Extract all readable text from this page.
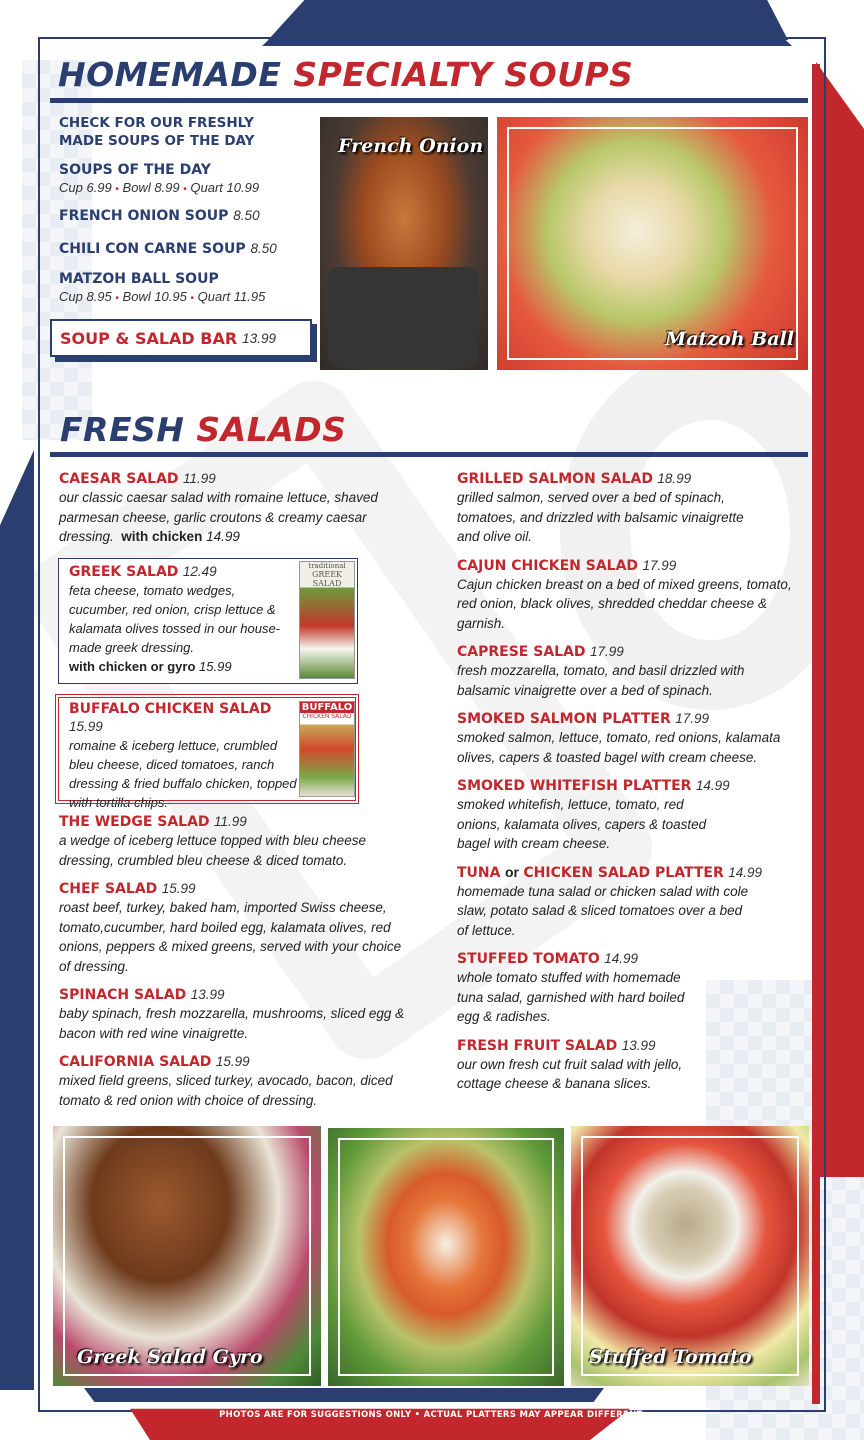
HOMEMADE SPECIALTY SOUPS
CHECK FOR OUR FRESHLY
MADE SOUPS OF THE DAY
SOUPS OF THE DAY
Cup 6.99 • Bowl 8.99 • Quart 10.99
FRENCH ONION SOUP 8.50
CHILI CON CARNE SOUP 8.50
MATZOH BALL SOUP
Cup 8.95 • Bowl 10.95 • Quart 11.95
SOUP & SALAD BAR 13.99
French Onion
Matzoh Ball
FRESH SALADS
CAESAR SALAD 11.99
our classic caesar salad with romaine lettuce, shaved parmesan cheese, garlic croutons & creamy caesar dressing. with chicken 14.99
GREEK SALAD 12.49
feta cheese, tomato wedges, cucumber, red onion, crisp lettuce & kalamata olives tossed in our house-made greek dressing.
with chicken or gyro 15.99
traditional
GREEK SALAD
BUFFALO CHICKEN SALAD 15.99
romaine & iceberg lettuce, crumbled bleu cheese, diced tomatoes, ranch dressing & fried buffalo chicken, topped with tortilla chips.
BUFFALO
CHICKEN SALAD
THE WEDGE SALAD 11.99
a wedge of iceberg lettuce topped with bleu cheese dressing, crumbled bleu cheese & diced tomato.
CHEF SALAD 15.99
roast beef, turkey, baked ham, imported Swiss cheese, tomato,cucumber, hard boiled egg, kalamata olives, red onions, peppers & mixed greens, served with your choice of dressing.
SPINACH SALAD 13.99
baby spinach, fresh mozzarella, mushrooms, sliced egg & bacon with red wine vinaigrette.
CALIFORNIA SALAD 15.99
mixed field greens, sliced turkey, avocado, bacon, diced tomato & red onion with choice of dressing.
GRILLED SALMON SALAD 18.99
grilled salmon, served over a bed of spinach, tomatoes, and drizzled with balsamic vinaigrette and olive oil.
CAJUN CHICKEN SALAD 17.99
Cajun chicken breast on a bed of mixed greens, tomato, red onion, black olives, shredded cheddar cheese & garnish.
CAPRESE SALAD 17.99
fresh mozzarella, tomato, and basil drizzled with balsamic vinaigrette over a bed of spinach.
SMOKED SALMON PLATTER 17.99
smoked salmon, lettuce, tomato, red onions, kalamata olives, capers & toasted bagel with cream cheese.
SMOKED WHITEFISH PLATTER 14.99
smoked whitefish, lettuce, tomato, red onions, kalamata olives, capers & toasted bagel with cream cheese.
TUNA or CHICKEN SALAD PLATTER 14.99
homemade tuna salad or chicken salad with cole slaw, potato salad & sliced tomatoes over a bed of lettuce.
STUFFED TOMATO 14.99
whole tomato stuffed with homemade tuna salad, garnished with hard boiled egg & radishes.
FRESH FRUIT SALAD 13.99
our own fresh cut fruit salad with jello, cottage cheese & banana slices.
Greek Salad Gyro	Stuffed Tomato
PHOTOS ARE FOR SUGGESTIONS ONLY • ACTUAL PLATTERS MAY APPEAR DIFFERENT.
